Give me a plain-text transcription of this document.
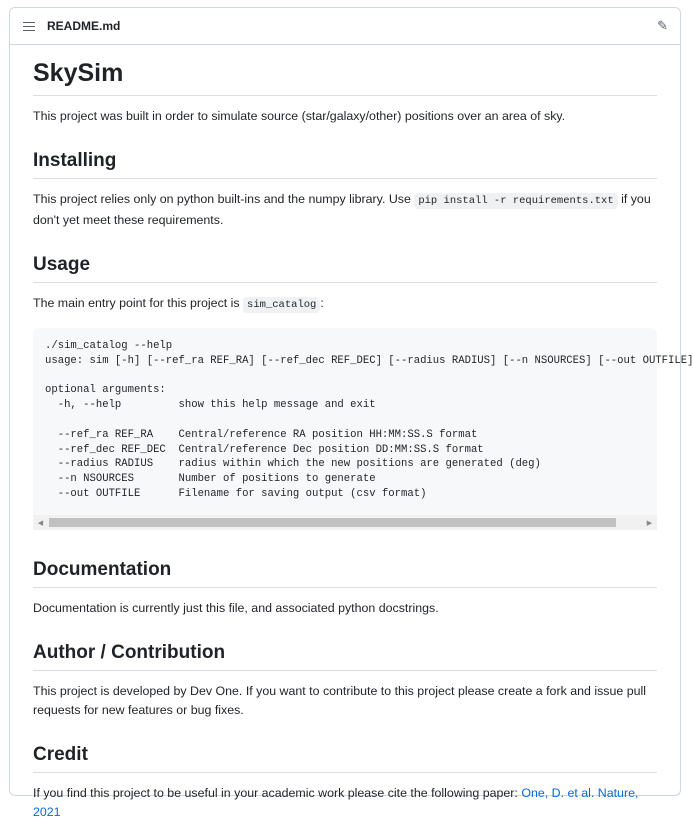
README.md	✎
SkySim

This project was built in order to simulate source (star/galaxy/other) positions over an area of sky.

Installing

This project relies only on python built-ins and the numpy library. Use pip install -r requirements.txt if you don't yet meet these requirements.

Usage

The main entry point for this project is sim_catalog :

./sim_catalog --help
usage: sim [-h] [--ref_ra REF_RA] [--ref_dec REF_DEC] [--radius RADIUS] [--n NSOURCES] [--out OUTFILE]

optional arguments:
-h, --help         show this help message and exit

--ref_ra REF_RA    Central/reference RA position HH:MM:SS.S format
--ref_dec REF_DEC  Central/reference Dec position DD:MM:SS.S format
--radius RADIUS    radius within which the new positions are generated (deg)
--n NSOURCES       Number of positions to generate
--out OUTFILE      Filename for saving output (csv format)
◀	▶
Documentation

Documentation is currently just this file, and associated python docstrings.

Author / Contribution

This project is developed by Dev One. If you want to contribute to this project please create a fork and issue pull requests for new features or bug fixes.

Credit

If you find this project to be useful in your academic work please cite the following paper: One, D. et al. Nature, 2021
